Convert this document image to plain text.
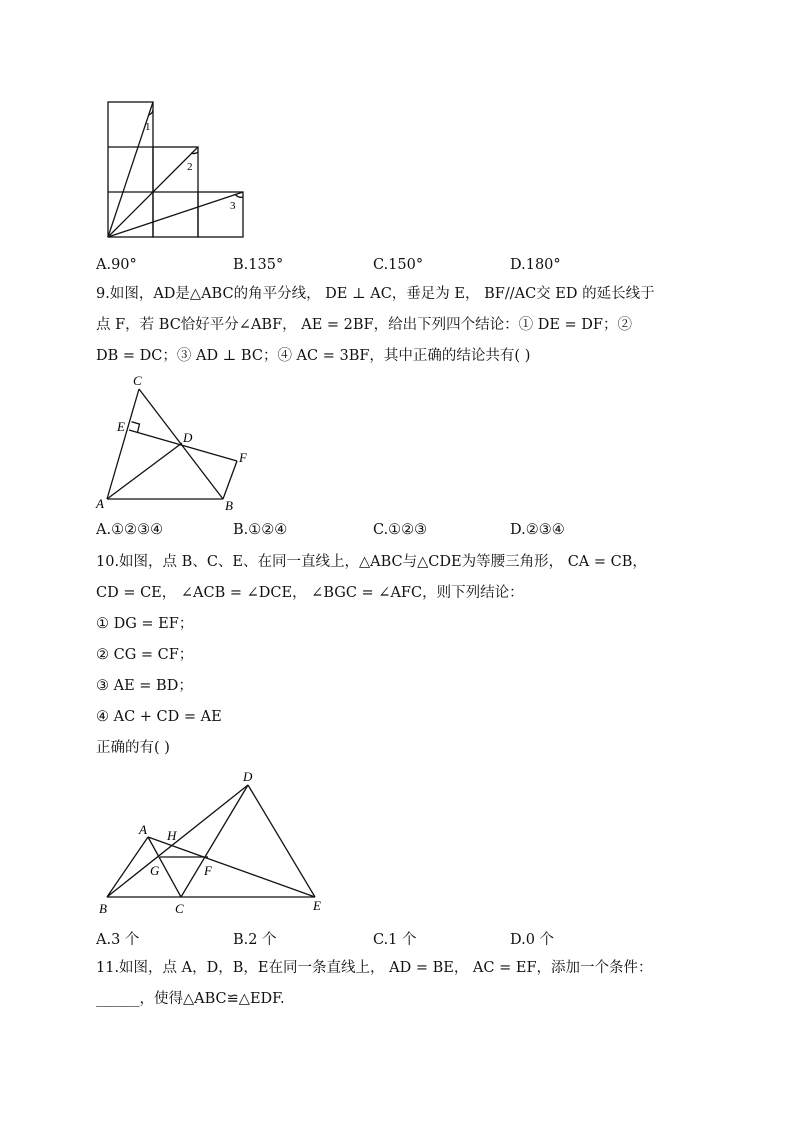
1
2
3
A.90°	B.135°	C.150°	D.180°
9.如图，AD是△ABC的角平分线， DE ⊥ AC，垂足为 E， BF//AC交 ED 的延长线于
点 F，若 BC恰好平分∠ABF， AE = 2BF，给出下列四个结论：① DE = DF；②
DB = DC；③ AD ⊥ BC；④ AC = 3BF，其中正确的结论共有( )
C
E
D
F
A	B
A.①②③④	B.①②④	C.①②③	D.②③④
10.如图，点 B、C、E、在同一直线上，△ABC与△CDE为等腰三角形， CA = CB，
CD = CE， ∠ACB = ∠DCE， ∠BGC = ∠AFC，则下列结论：
① DG = EF；
② CG = CF；
③ AE = BD；
④ AC + CD = AE
正确的有( )
D
A H
G	F
B	C	E
A.3 个	B.2 个	C.1 个	D.0 个
11.如图，点 A，D，B，E在同一条直线上， AD = BE， AC = EF，添加一个条件：
______，使得△ABC≌△EDF.
